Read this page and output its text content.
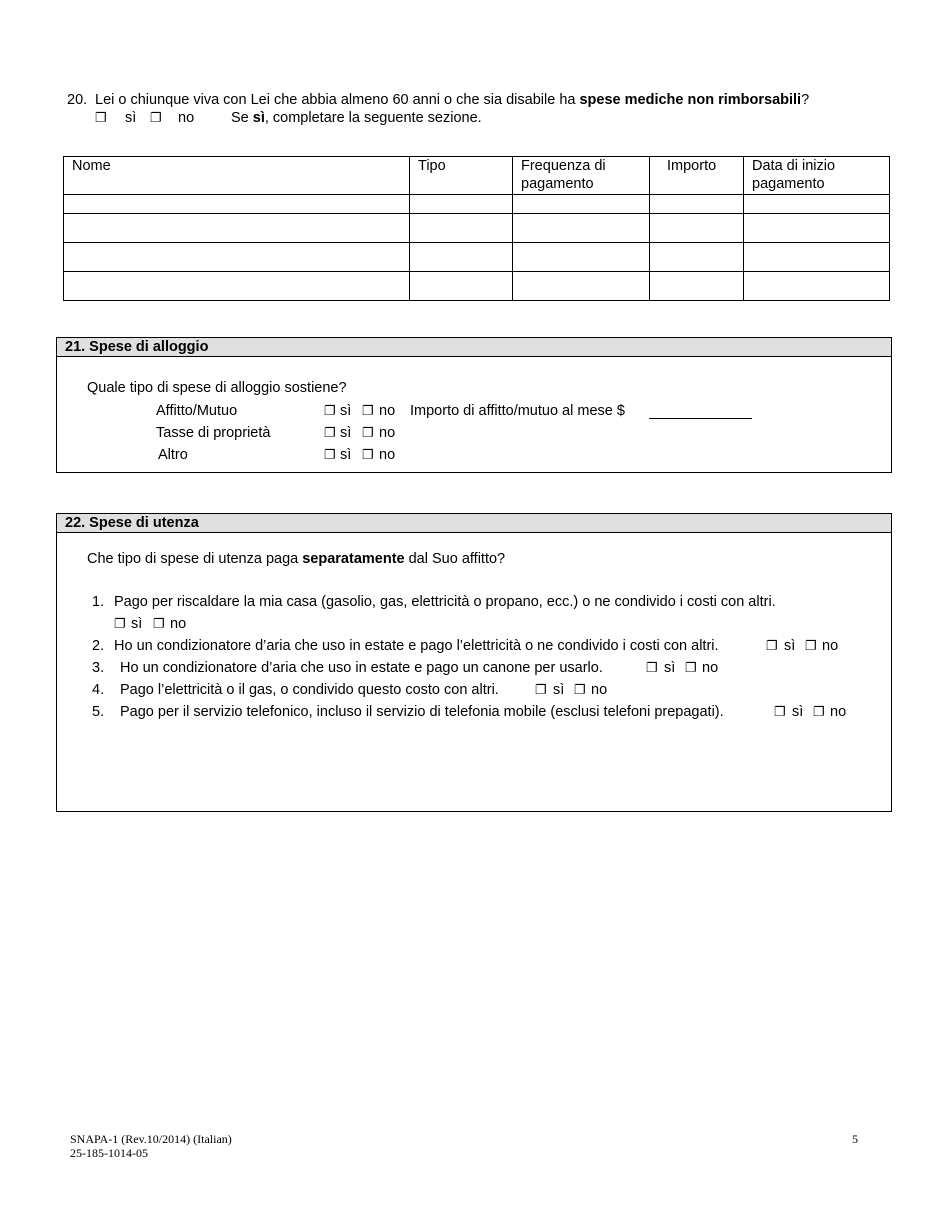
20. Lei o chiunque viva con Lei che abbia almeno 60 anni o che sia disabile ha spese mediche non rimborsabili?
❐ sì ❐ no	Se sì, completare la seguente sezione.
Nome	Tipo	Frequenza di pagamento	Importo	Data di inizio pagamento

21. Spese di alloggio
Quale tipo di spese di alloggio sostiene?
Affitto/Mutuo	❐ sì ❐ no Importo di affitto/mutuo al mese $
Tasse di proprietà	❐ sì ❐ no
Altro	❐ sì ❐ no
22. Spese di utenza
Che tipo di spese di utenza paga separatamente dal Suo affitto?
1. Pago per riscaldare la mia casa (gasolio, gas, elettricità o propano, ecc.) o ne condivido i costi con altri.
❐ sì ❐ no
2. Ho un condizionatore d’aria che uso in estate e pago l’elettricità o ne condivido i costi con altri.	❐ sì ❐ no
3. Ho un condizionatore d’aria che uso in estate e pago un canone per usarlo.	❐ sì ❐ no
4. Pago l’elettricità o il gas, o condivido questo costo con altri.	❐ sì ❐ no
5. Pago per il servizio telefonico, incluso il servizio di telefonia mobile (esclusi telefoni prepagati).	❐ sì ❐ no
SNAPA-1 (Rev.10/2014) (Italian)
25-185-1014-05
5
